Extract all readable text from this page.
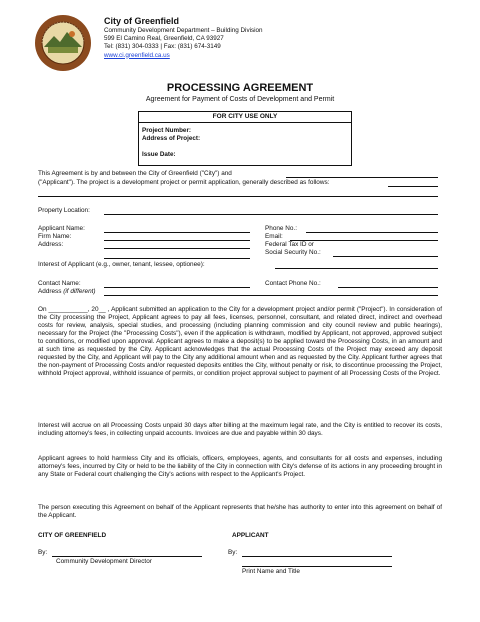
City of Greenfield
Community Development Department – Building Division
599 El Camino Real, Greenfield, CA 93927
Tel: (831) 304-0333 | Fax: (831) 674-3149
www.ci.greenfield.ca.us
PROCESSING AGREEMENT
Agreement for Payment of Costs of Development and Permit
FOR CITY USE ONLY
Project Number:
Address of Project:
Issue Date:
This Agreement is by and between the City of Greenfield ("City") and
("Applicant"). The project is a development project or permit application, generally described as follows:
Property Location:
Applicant Name:
Firm Name:
Address:
Phone No.:
Email:
Federal Tax ID or
Social Security No.:
Interest of Applicant (e.g., owner, tenant, lessee, optionee):
Contact Name:	Contact Phone No.:
Address (if different)
On ___________, 20__ , Applicant submitted an application to the City for a development project and/or permit ("Project"). In consideration of the City processing the Project, Applicant agrees to pay all fees, licenses, personnel, consultant, and related direct, indirect and overhead costs for review, analysis, special studies, and processing (including planning commission and city council review and public hearings), necessary for the Project (the "Processing Costs"), even if the application is withdrawn, modified by Applicant, not approved, approved subject to conditions, or modified upon approval. Applicant agrees to make a deposit(s) to be applied toward the Processing Costs, in an amount and at such time as requested by the City. Applicant acknowledges that the actual Processing Costs of the Project may exceed any deposit requested by the City, and Applicant will pay to the City any additional amount when and as requested by the City. Applicant further agrees that the non-payment of Processing Costs and/or requested deposits entitles the City, without penalty or risk, to discontinue processing the Project, withhold Project approval, withhold issuance of permits, or condition project approval subject to payment of all Processing Costs of the Project.
Interest will accrue on all Processing Costs unpaid 30 days after billing at the maximum legal rate, and the City is entitled to recover its costs, including attorney's fees, in collecting unpaid accounts. Invoices are due and payable within 30 days.
Applicant agrees to hold harmless City and its officials, officers, employees, agents, and consultants for all costs and expenses, including attorney's fees, incurred by City or held to be the liability of the City in connection with City's defense of its actions in any proceeding brought in any State or Federal court challenging the City's actions with respect to the Applicant's Project.
The person executing this Agreement on behalf of the Applicant represents that he/she has authority to enter into this agreement on behalf of the Applicant.
CITY OF GREENFIELD	APPLICANT
By:
Community Development Director
By:
Print Name and Title
